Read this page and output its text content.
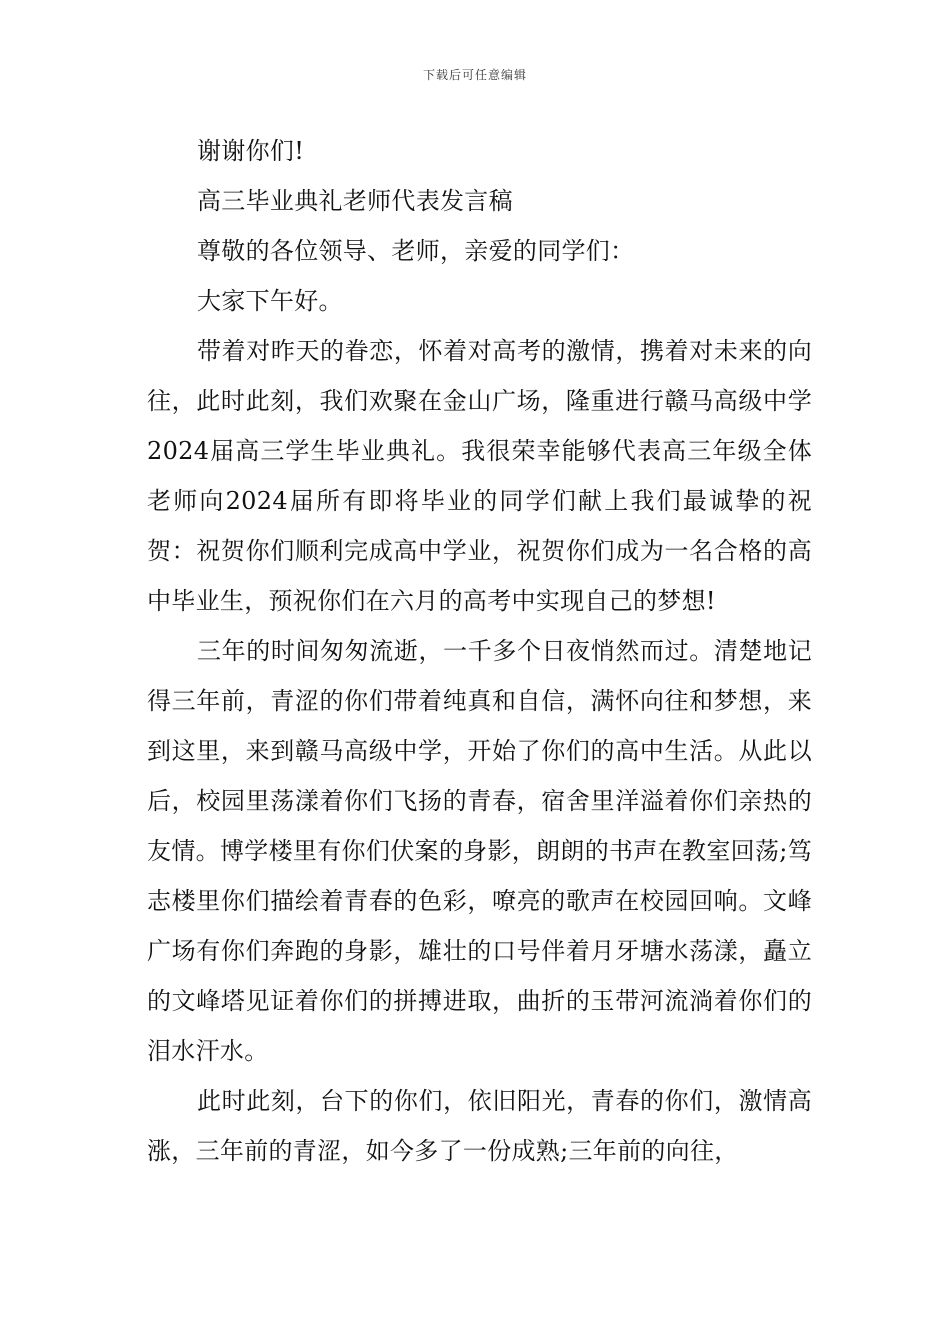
下载后可任意编辑

谢谢你们!

高三毕业典礼老师代表发言稿

尊敬的各位领导、老师，亲爱的同学们：

大家下午好。

带着对昨天的眷恋，怀着对高考的激情，携着对未来的向往，此时此刻，我们欢聚在金山广场，隆重进行赣马高级中学2024届高三学生毕业典礼。我很荣幸能够代表高三年级全体老师向2024届所有即将毕业的同学们献上我们最诚挚的祝贺：祝贺你们顺利完成高中学业，祝贺你们成为一名合格的高中毕业生，预祝你们在六月的高考中实现自己的梦想!

三年的时间匆匆流逝，一千多个日夜悄然而过。清楚地记得三年前，青涩的你们带着纯真和自信，满怀向往和梦想，来到这里，来到赣马高级中学，开始了你们的高中生活。从此以后，校园里荡漾着你们飞扬的青春，宿舍里洋溢着你们亲热的友情。博学楼里有你们伏案的身影，朗朗的书声在教室回荡;笃志楼里你们描绘着青春的色彩，嘹亮的歌声在校园回响。文峰广场有你们奔跑的身影，雄壮的口号伴着月牙塘水荡漾，矗立的文峰塔见证着你们的拼搏进取，曲折的玉带河流淌着你们的泪水汗水。

此时此刻，台下的你们，依旧阳光，青春的你们，激情高涨，三年前的青涩，如今多了一份成熟;三年前的向往，
